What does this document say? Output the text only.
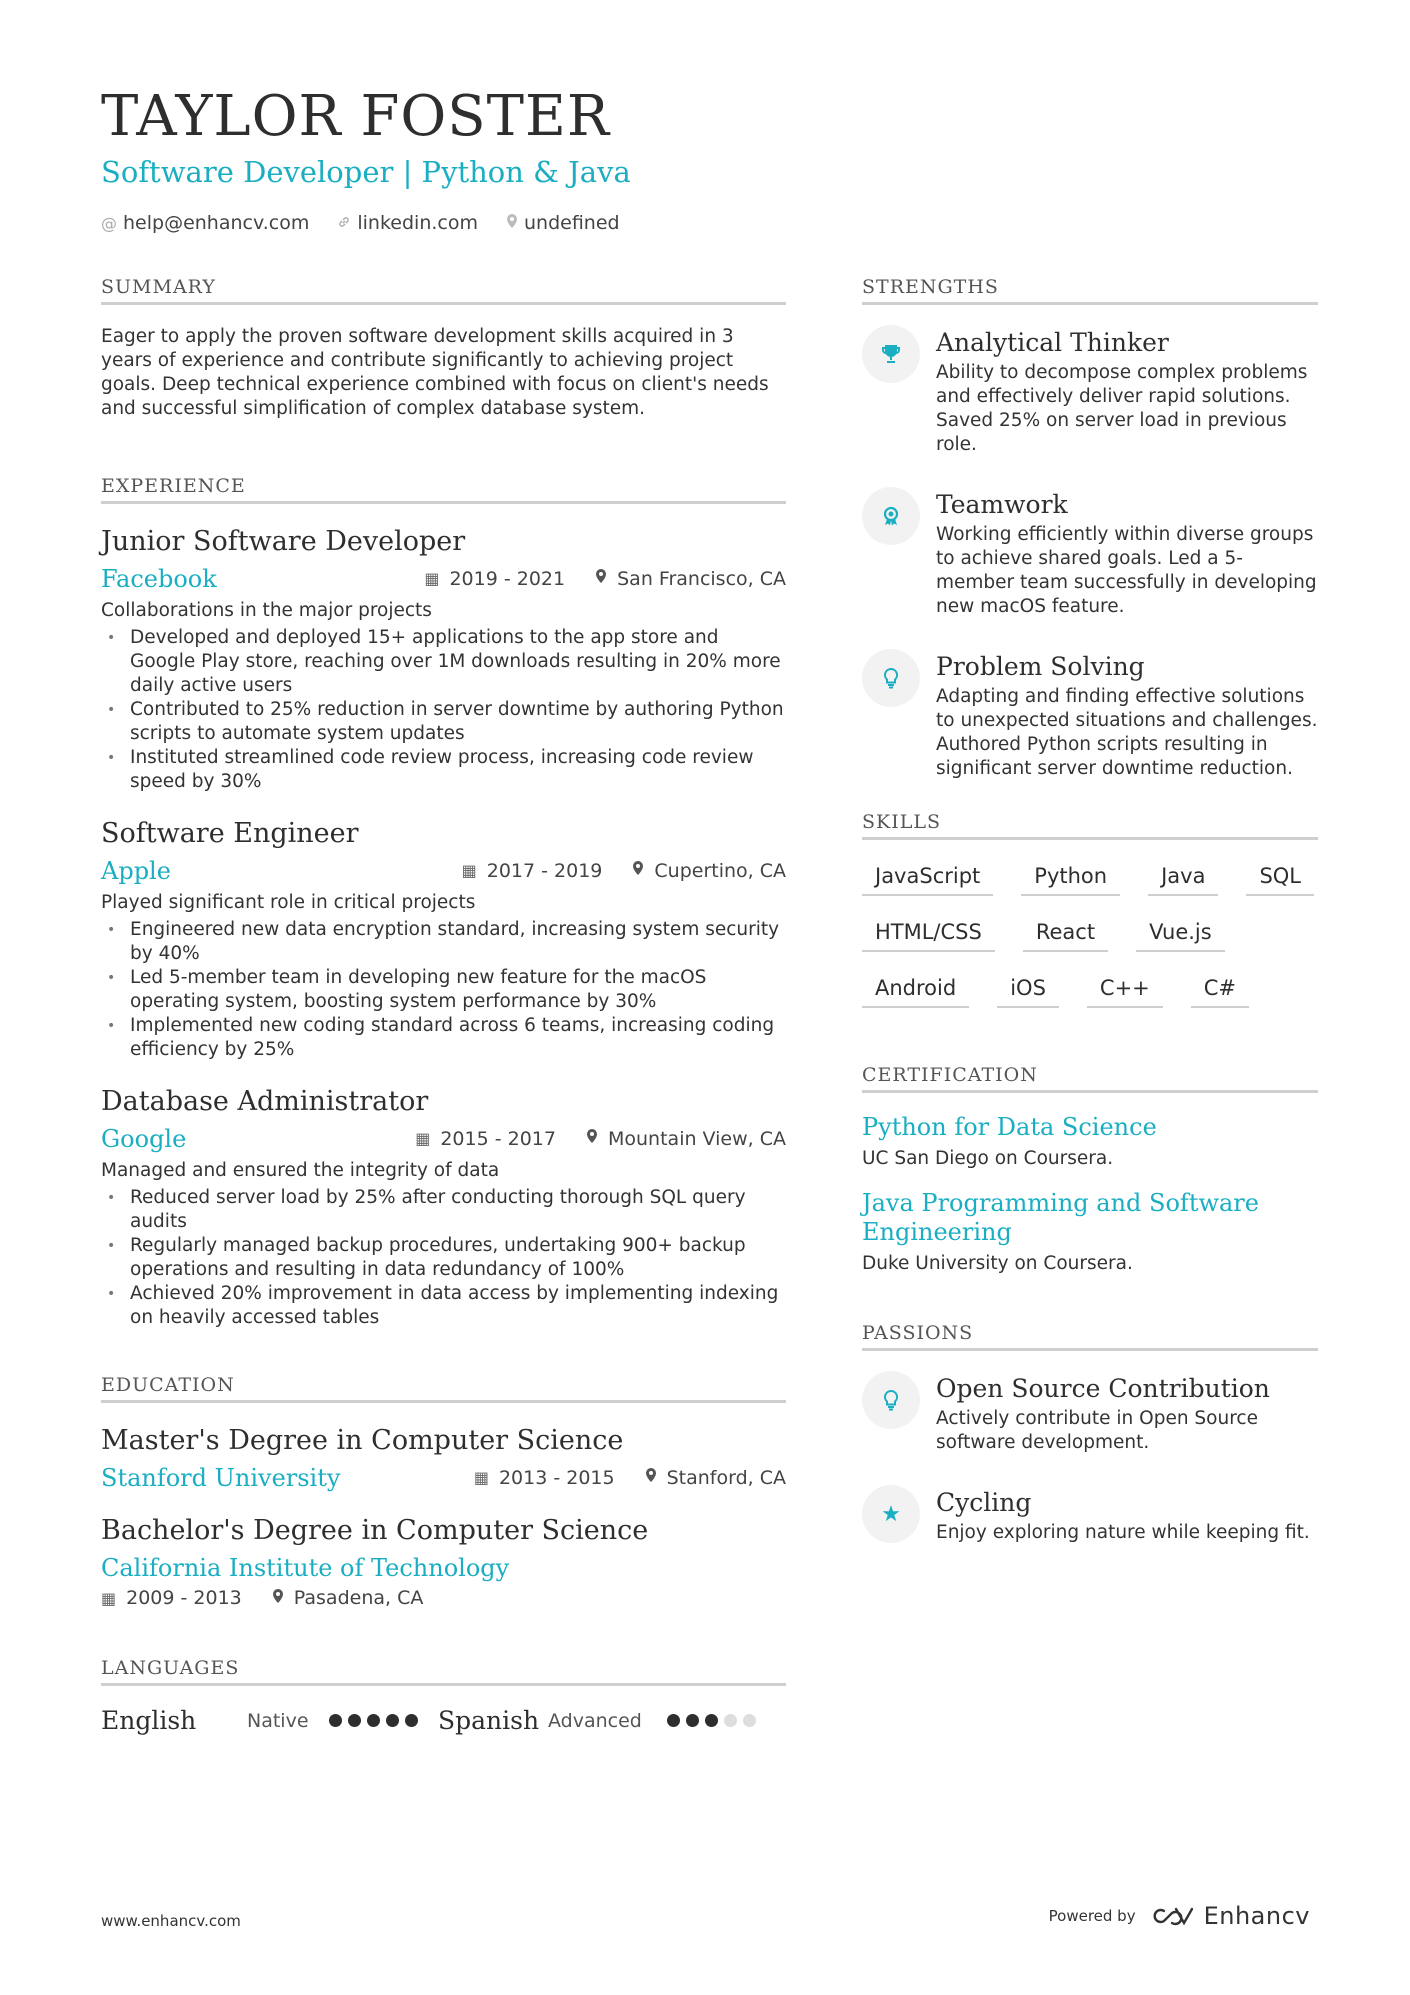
TAYLOR FOSTER
Software Developer | Python & Java
@ help@enhancv.com	linkedin.com undefined
SUMMARY
Eager to apply the proven software development skills acquired in 3 years of experience and contribute significantly to achieving project goals. Deep technical experience combined with focus on client's needs and successful simplification of complex database system.
EXPERIENCE
Junior Software Developer
Facebook	▦ 2019 - 2021	San Francisco, CA
Collaborations in the major projects
• Developed and deployed 15+ applications to the app store and Google Play store, reaching over 1M downloads resulting in 20% more daily active users
• Contributed to 25% reduction in server downtime by authoring Python scripts to automate system updates
• Instituted streamlined code review process, increasing code review speed by 30%
Software Engineer
Apple	▦ 2017 - 2019	Cupertino, CA
Played significant role in critical projects
• Engineered new data encryption standard, increasing system security by 40%
• Led 5-member team in developing new feature for the macOS operating system, boosting system performance by 30%
• Implemented new coding standard across 6 teams, increasing coding efficiency by 25%
Database Administrator
Google	▦ 2015 - 2017	Mountain View, CA
Managed and ensured the integrity of data
• Reduced server load by 25% after conducting thorough SQL query audits
• Regularly managed backup procedures, undertaking 900+ backup operations and resulting in data redundancy of 100%
• Achieved 20% improvement in data access by implementing indexing on heavily accessed tables
EDUCATION
Master's Degree in Computer Science
Stanford University	▦ 2013 - 2015	Stanford, CA
Bachelor's Degree in Computer Science
California Institute of Technology
▦ 2009 - 2013	Pasadena, CA
LANGUAGES
English	Native	Spanish Advanced
STRENGTHS
Analytical Thinker
Ability to decompose complex problems and effectively deliver rapid solutions. Saved 25% on server load in previous role.
Teamwork
Working efficiently within diverse groups to achieve shared goals. Led a 5-member team successfully in developing new macOS feature.
Problem Solving
Adapting and finding effective solutions to unexpected situations and challenges. Authored Python scripts resulting in significant server downtime reduction.
SKILLS
JavaScript	Python	Java	SQL
HTML/CSS	React	Vue.js
Android	iOS	C++	C#
CERTIFICATION
Python for Data Science
UC San Diego on Coursera.
Java Programming and Software Engineering
Duke University on Coursera.
PASSIONS
Open Source Contribution
Actively contribute in Open Source software development.
★	Cycling
Enjoy exploring nature while keeping fit.
www.enhancv.com	Powered by	Enhancv
